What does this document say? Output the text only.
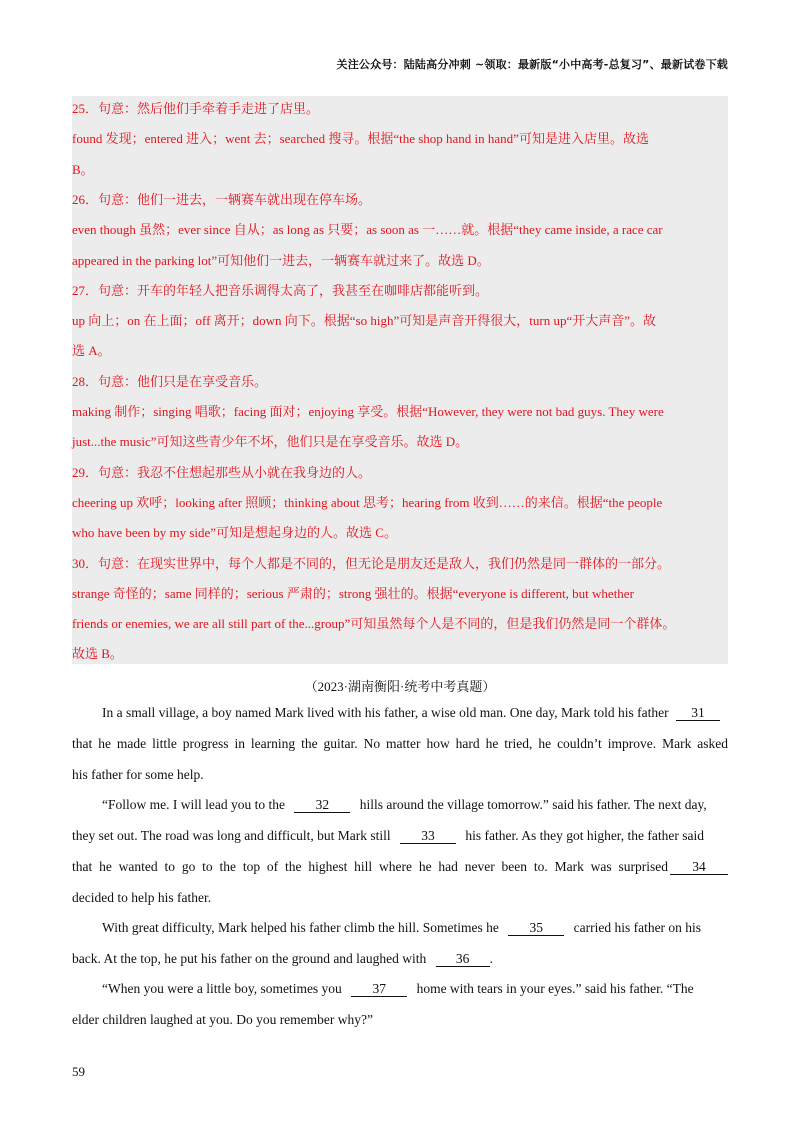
关注公众号：陆陆高分冲刺 ~领取：最新版“小中高考-总复习”、最新试卷下载
25．句意：然后他们手牵着手走进了店里。
found 发现；entered 进入；went 去；searched 搜寻。根据“the shop hand in hand”可知是进入店里。故选
B。
26．句意：他们一进去，一辆赛车就出现在停车场。
even though 虽然；ever since 自从；as long as 只要；as soon as 一……就。根据“they came inside, a race car
appeared in the parking lot”可知他们一进去，一辆赛车就过来了。故选 D。
27．句意：开车的年轻人把音乐调得太高了，我甚至在咖啡店都能听到。
up 向上；on 在上面；off 离开；down 向下。根据“so high”可知是声音开得很大，turn up“开大声音”。故
选 A。
28．句意：他们只是在享受音乐。
making 制作；singing 唱歌；facing 面对；enjoying 享受。根据“However, they were not bad guys. They were
just...the music”可知这些青少年不坏，他们只是在享受音乐。故选 D。
29．句意：我忍不住想起那些从小就在我身边的人。
cheering up 欢呼；looking after 照顾；thinking about 思考；hearing from 收到……的来信。根据“the people
who have been by my side”可知是想起身边的人。故选 C。
30．句意：在现实世界中，每个人都是不同的，但无论是朋友还是敌人，我们仍然是同一群体的一部分。
strange 奇怪的；same 同样的；serious 严肃的；strong 强壮的。根据“everyone is different, but whether
friends or enemies, we are all still part of the...group”可知虽然每个人是不同的，但是我们仍然是同一个群体。
故选 B。
（2023·湖南衡阳·统考中考真题）
In a small village, a boy named Mark lived with his father, a wise old man. One day, Mark told his father 31
that he made little progress in learning the guitar. No matter how hard he tried, he couldn’t improve. Mark asked
his father for some help.
“Follow me. I will lead you to the 32 hills around the village tomorrow.” said his father. The next day,
they set out. The road was long and difficult, but Mark still 33 his father. As they got higher, the father said
that he wanted to go to the top of the highest hill where he had never been to. Mark was surprised	34
decided to help his father.
With great difficulty, Mark helped his father climb the hill. Sometimes he 35 carried his father on his
back. At the top, he put his father on the ground and laughed with 36 .
“When you were a little boy, sometimes you 37 home with tears in your eyes.” said his father. “The
elder children laughed at you. Do you remember why?”
59
